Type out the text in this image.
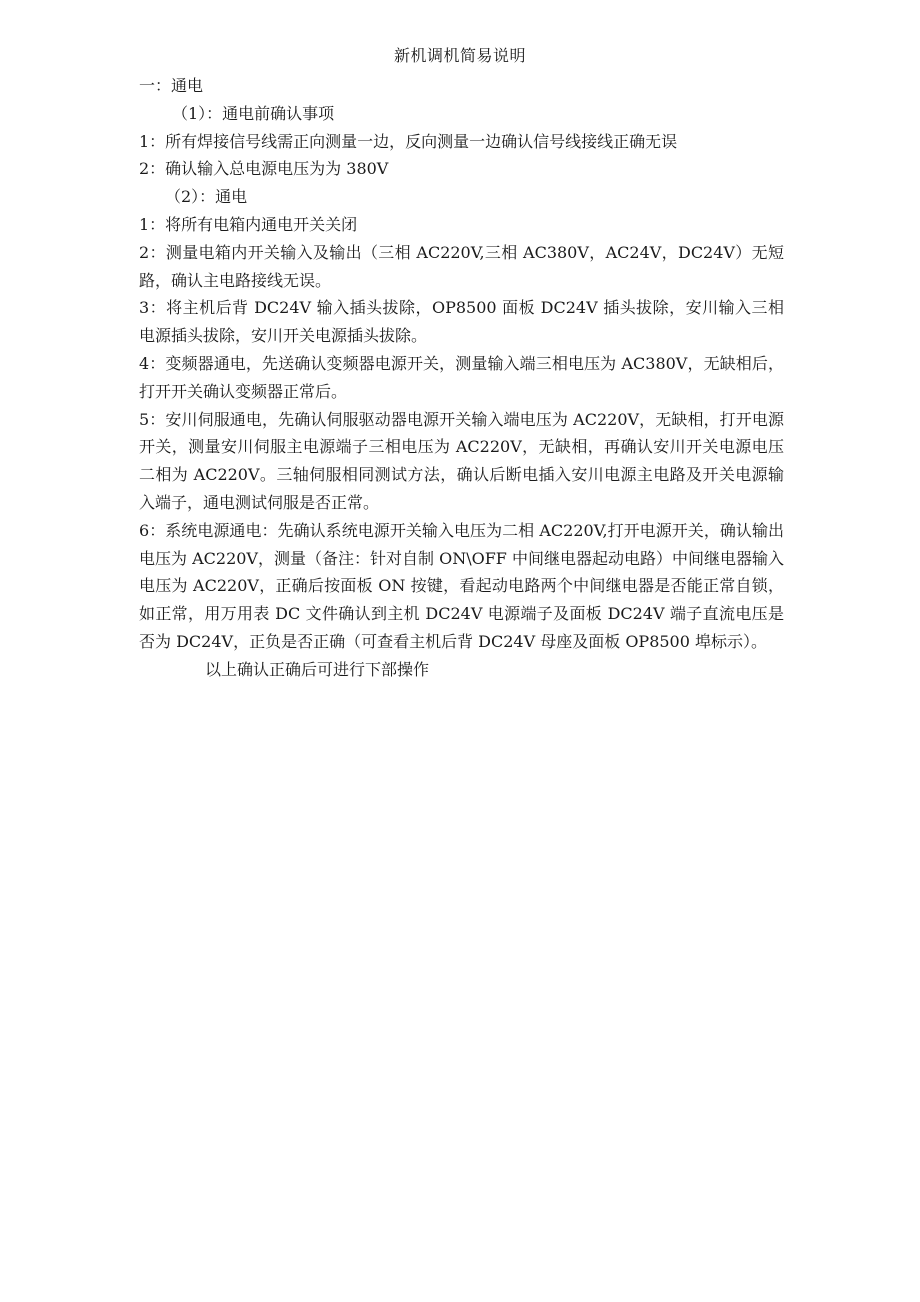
新机调机简易说明

一：通电

（1）：通电前确认事项

1：所有焊接信号线需正向测量一边，反向测量一边确认信号线接线正确无误

2：确认输入总电源电压为为 380V

（2）：通电

1：将所有电箱内通电开关关闭

2：测量电箱内开关输入及输出（三相 AC220V,三相 AC380V，AC24V，DC24V）无短路，确认主电路接线无误。

3：将主机后背 DC24V 输入插头拔除，OP8500 面板 DC24V 插头拔除，安川输入三相电源插头拔除，安川开关电源插头拔除。

4：变频器通电，先送确认变频器电源开关，测量输入端三相电压为 AC380V，无缺相后，打开开关确认变频器正常后。

5：安川伺服通电，先确认伺服驱动器电源开关输入端电压为 AC220V，无缺相，打开电源开关，测量安川伺服主电源端子三相电压为 AC220V，无缺相，再确认安川开关电源电压二相为 AC220V。三轴伺服相同测试方法，确认后断电插入安川电源主电路及开关电源输入端子，通电测试伺服是否正常。

6：系统电源通电：先确认系统电源开关输入电压为二相 AC220V,打开电源开关，确认输出电压为 AC220V，测量（备注：针对自制 ON\OFF 中间继电器起动电路）中间继电器输入电压为 AC220V，正确后按面板 ON 按键，看起动电路两个中间继电器是否能正常自锁，如正常，用万用表 DC 文件确认到主机 DC24V 电源端子及面板 DC24V 端子直流电压是否为 DC24V，正负是否正确（可查看主机后背 DC24V 母座及面板 OP8500 埠标示）。

以上确认正确后可进行下部操作
